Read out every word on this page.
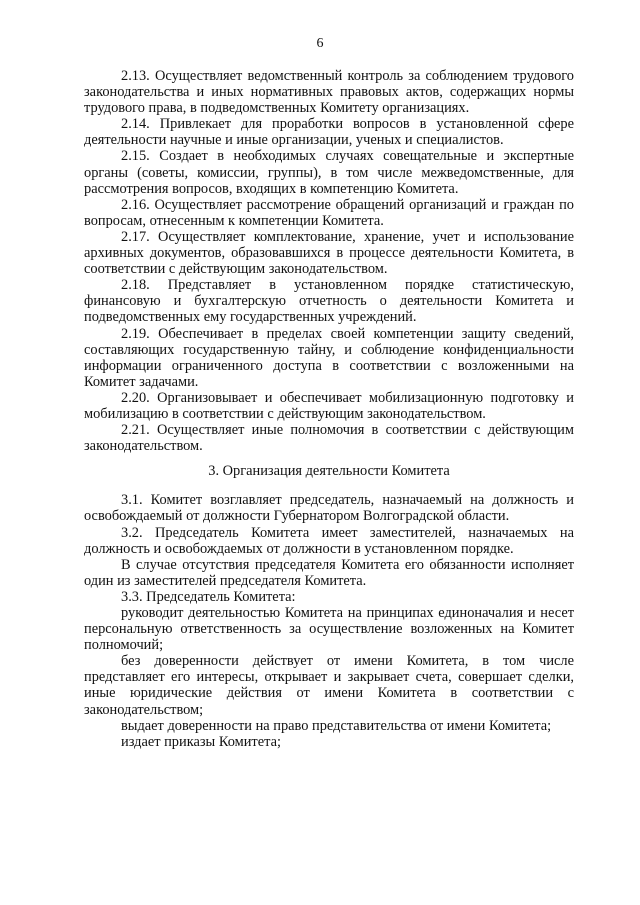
6

2.13. Осуществляет ведомственный контроль за соблюдением трудового законодательства и иных нормативных правовых актов, содержащих нормы трудового права, в подведомственных Комитету организациях.

2.14. Привлекает для проработки вопросов в установленной сфере деятельности научные и иные организации, ученых и специалистов.

2.15. Создает в необходимых случаях совещательные и экспертные органы (советы, комиссии, группы), в том числе межведомственные, для рассмотрения вопросов, входящих в компетенцию Комитета.

2.16. Осуществляет рассмотрение обращений организаций и граждан по вопросам, отнесенным к компетенции Комитета.

2.17. Осуществляет комплектование, хранение, учет и использование архивных документов, образовавшихся в процессе деятельности Комитета, в соответствии с действующим законодательством.

2.18. Представляет в установленном порядке статистическую, финансовую и бухгалтерскую отчетность о деятельности Комитета и подведомственных ему государственных учреждений.

2.19. Обеспечивает в пределах своей компетенции защиту сведений, составляющих государственную тайну, и соблюдение конфиденциальности информации ограниченного доступа в соответствии с возложенными на Комитет задачами.

2.20. Организовывает и обеспечивает мобилизационную подготовку и мобилизацию в соответствии с действующим законодательством.

2.21. Осуществляет иные полномочия в соответствии с действующим законодательством.

3. Организация деятельности Комитета

3.1. Комитет возглавляет председатель, назначаемый на должность и освобождаемый от должности Губернатором Волгоградской области.

3.2. Председатель Комитета имеет заместителей, назначаемых на должность и освобождаемых от должности в установленном порядке.

В случае отсутствия председателя Комитета его обязанности исполняет один из заместителей председателя Комитета.

3.3. Председатель Комитета:

руководит деятельностью Комитета на принципах единоначалия и несет персональную ответственность за осуществление возложенных на Комитет полномочий;

без доверенности действует от имени Комитета, в том числе представляет его интересы, открывает и закрывает счета, совершает сделки, иные юридические действия от имени Комитета в соответствии с законодательством;

выдает доверенности на право представительства от имени Комитета;

издает приказы Комитета;
